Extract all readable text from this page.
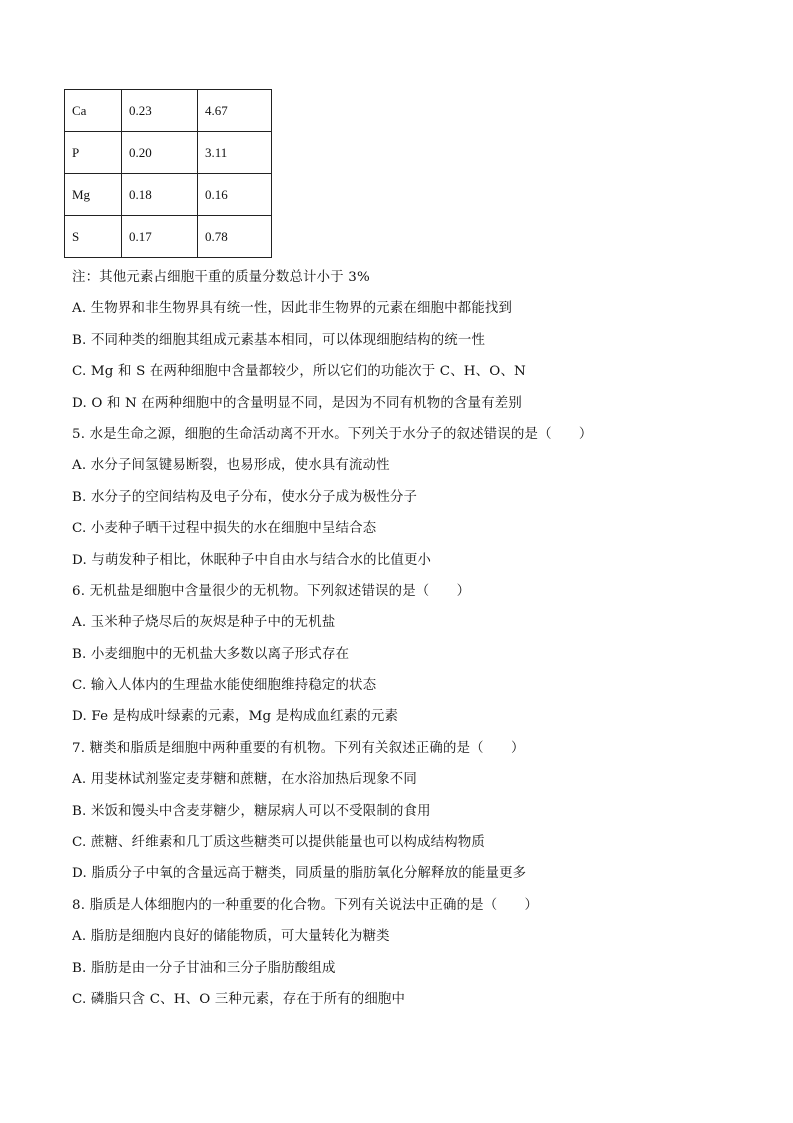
Ca	0.23	4.67
P	0.20	3.11
Mg	0.18	0.16
S	0.17	0.78
注：其他元素占细胞干重的质量分数总计小于 3%
A. 生物界和非生物界具有统一性，因此非生物界的元素在细胞中都能找到
B. 不同种类的细胞其组成元素基本相同，可以体现细胞结构的统一性
C. Mg 和 S 在两种细胞中含量都较少，所以它们的功能次于 C、H、O、N
D. O 和 N 在两种细胞中的含量明显不同，是因为不同有机物的含量有差别
5. 水是生命之源，细胞的生命活动离不开水。下列关于水分子的叙述错误的是（　　）
A. 水分子间氢键易断裂，也易形成，使水具有流动性
B. 水分子的空间结构及电子分布，使水分子成为极性分子
C. 小麦种子晒干过程中损失的水在细胞中呈结合态
D. 与萌发种子相比，休眠种子中自由水与结合水的比值更小
6. 无机盐是细胞中含量很少的无机物。下列叙述错误的是（　　）
A. 玉米种子烧尽后的灰烬是种子中的无机盐
B. 小麦细胞中的无机盐大多数以离子形式存在
C. 输入人体内的生理盐水能使细胞维持稳定的状态
D. Fe 是构成叶绿素的元素，Mg 是构成血红素的元素
7. 糖类和脂质是细胞中两种重要的有机物。下列有关叙述正确的是（　　）
A. 用斐林试剂鉴定麦芽糖和蔗糖，在水浴加热后现象不同
B. 米饭和馒头中含麦芽糖少，糖尿病人可以不受限制的食用
C. 蔗糖、纤维素和几丁质这些糖类可以提供能量也可以构成结构物质
D. 脂质分子中氧的含量远高于糖类，同质量的脂肪氧化分解释放的能量更多
8. 脂质是人体细胞内的一种重要的化合物。下列有关说法中正确的是（　　）
A. 脂肪是细胞内良好的储能物质，可大量转化为糖类
B. 脂肪是由一分子甘油和三分子脂肪酸组成
C. 磷脂只含 C、H、O 三种元素，存在于所有的细胞中
